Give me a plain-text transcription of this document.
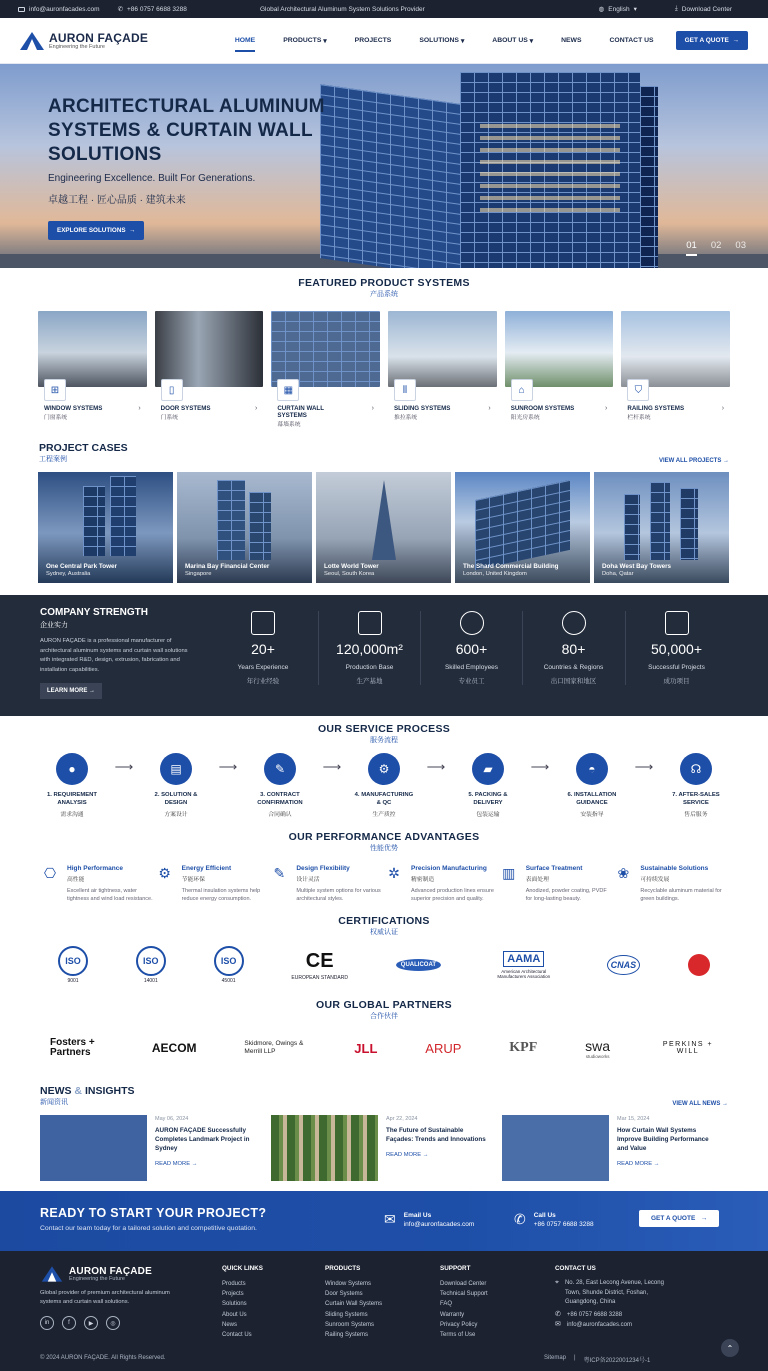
info@auronfacades.com	✆ +86 0757 6688 3288	Global Architectural Aluminum System Solutions Provider	◍ English ▾	⤓ Download Center
AURON FAÇADE
Engineering the Future
HOME	PRODUCTS
▾	PROJECTS	SOLUTIONS
▾	ABOUT US
▾	NEWS	CONTACT US	GET A QUOTE →
ARCHITECTURAL ALUMINUM SYSTEMS & CURTAIN WALL SOLUTIONS
Engineering Excellence. Built For Generations.
卓越工程 · 匠心品质 · 建筑未来
EXPLORE SOLUTIONS →
01 02 03
FEATURED PRODUCT SYSTEMS
产品系统
⊞
WINDOW SYSTEMS
门窗系统
›
▯
DOOR SYSTEMS
门系统
›
▦
CURTAIN WALL SYSTEMS
幕墙系统
›
⫴
SLIDING SYSTEMS
推拉系统
›
⌂
SUNROOM SYSTEMS
阳光房系统
›
⛉
RAILING SYSTEMS
栏杆系统
›
PROJECT CASES
工程案例	VIEW ALL PROJECTS →
One Central Park Tower
Sydney, Australia
Marina Bay Financial Center
Singapore
Lotte World Tower
Seoul, South Korea
The Shard Commercial Building
London, United Kingdom
Doha West Bay Towers
Doha, Qatar
COMPANY STRENGTH
企业实力
AURON FAÇADE is a professional manufacturer of architectural aluminum systems and curtain wall solutions with integrated R&D, design, extrusion, fabrication and installation capabilities.
LEARN MORE →
20+
Years Experience
年行业经验
120,000m²
Production Base
生产基地
600+
Skilled Employees
专业员工
80+
Countries & Regions
出口国家和地区
50,000+
Successful Projects
成功项目
OUR SERVICE PROCESS
服务流程
●
1. REQUIREMENT ANALYSIS
需求沟通
⟶	▤
2. SOLUTION & DESIGN
方案设计
⟶	✎
3. CONTRACT CONFIRMATION
合同确认
⟶	⚙
4. MANUFACTURING & QC
生产质控
⟶	▰
5. PACKING & DELIVERY
包装运输
⟶	◓
6. INSTALLATION GUIDANCE
安装指导
⟶	☊
7. AFTER-SALES SERVICE
售后服务
OUR PERFORMANCE ADVANTAGES
性能优势
⎔	High Performance
高性能

Excellent air tightness, water tightness and wind load resistance.

⚙	Energy Efficient
节能环保

Thermal insulation systems help reduce energy consumption.

✎	Design Flexibility
设计灵活

Multiple system options for various architectural styles.

✲	Precision Manufacturing
精密制造

Advanced production lines ensure superior precision and quality.

▥	Surface Treatment
表面处理

Anodized, powder coating, PVDF for long-lasting beauty.

❀	Sustainable Solutions
可持续发展

Recyclable aluminum material for green buildings.

CERTIFICATIONS
权威认证
ISO
9001
ISO
14001
ISO
45001
CE
EUROPEAN STANDARD
QUALICOAT	AAMA
American Architectural Manufacturers Association
CNAS
OUR GLOBAL PARTNERS
合作伙伴
Fosters + Partners	AECOM	Skidmore, Owings & Merrill LLP	JLL	ARUP	KPF	swa
studioworks
PERKINS + WILL
NEWS & INSIGHTS
新闻资讯	VIEW ALL NEWS →
May 06, 2024
AURON FAÇADE Successfully Completes Landmark Project in Sydney
READ MORE →
Apr 22, 2024
The Future of Sustainable Façades: Trends and Innovations
READ MORE →
Mar 15, 2024
How Curtain Wall Systems Improve Building Performance and Value
READ MORE →
READY TO START YOUR PROJECT?
Contact our team today for a tailored solution and competitive quotation.
✉ Email Us
info@auronfacades.com	✆ Call Us
+86 0757 6688 3288
GET A QUOTE →
AURON FAÇADE
Engineering the Future
Global provider of premium architectural aluminum systems and curtain wall solutions.
in	f	▶	◎
QUICK LINKS
Products
Projects
Solutions
About Us
News
Contact Us
PRODUCTS
Window Systems
Door Systems
Curtain Wall Systems
Sliding Systems
Sunroom Systems
Railing Systems
SUPPORT
Download Center
Technical Support
FAQ
Warranty
Privacy Policy
Terms of Use
CONTACT US
⌖ No. 28, East Lecong Avenue, Lecong Town, Shunde District, Foshan, Guangdong, China
✆ +86 0757 6688 3288
✉ info@auronfacades.com
© 2024 AURON FAÇADE. All Rights Reserved.	Sitemap | 粤ICP备2022001234号-1
⌃
